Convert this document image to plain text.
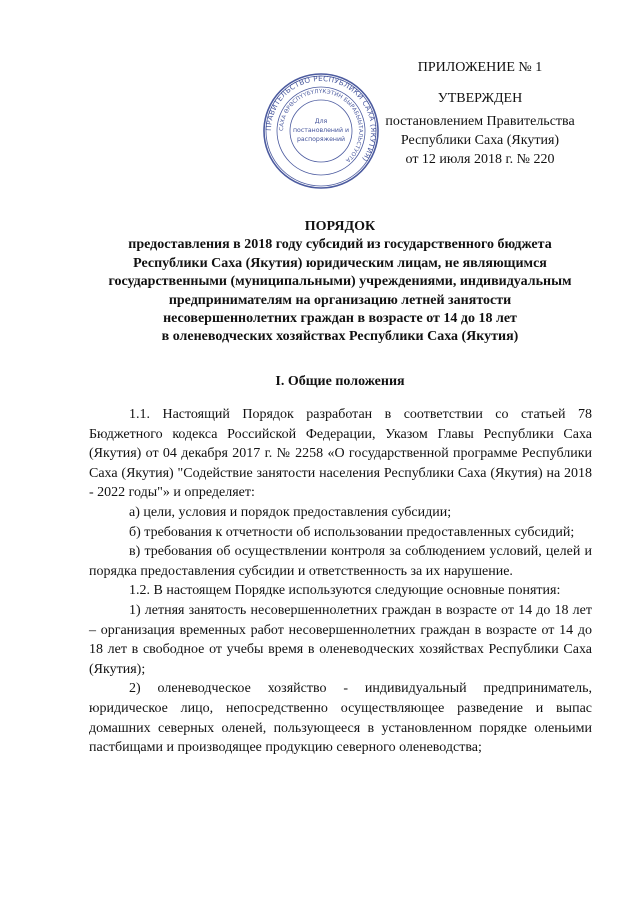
ПРИЛОЖЕНИЕ № 1
УТВЕРЖДЕН
постановлением Правительства
Республики Саха (Якутия)
от 12 июля 2018 г. № 220
ПРАВИТЕЛЬСТВО РЕСПУБЛИКИ САХА (ЯКУТИЯ)
САХА ӨРӨСПҮҮБҮЛҮКЭТИН БЫРАБЫЫТАЛЬСТУОТА
Для
постановлений и
распоряжений
ПОРЯДОК
предоставления в 2018 году субсидий из государственного бюджета
Республики Саха (Якутия) юридическим лицам, не являющимся
государственными (муниципальными) учреждениями, индивидуальным
предпринимателям на организацию летней занятости
несовершеннолетних граждан в возрасте от 14 до 18 лет
в оленеводческих хозяйствах Республики Саха (Якутия)
I. Общие положения

1.1. Настоящий Порядок разработан в соответствии со статьей 78 Бюджетного кодекса Российской Федерации, Указом Главы Республики Саха (Якутия) от 04 декабря 2017 г. № 2258 «О государственной программе Республики Саха (Якутия) "Содействие занятости населения Республики Саха (Якутия) на 2018 - 2022 годы"» и определяет:

а) цели, условия и порядок предоставления субсидии;

б) требования к отчетности об использовании предоставленных субсидий;

в) требования об осуществлении контроля за соблюдением условий, целей и порядка предоставления субсидии и ответственность за их нарушение.

1.2. В настоящем Порядке используются следующие основные понятия:

1) летняя занятость несовершеннолетних граждан в возрасте от 14 до 18 лет – организация временных работ несовершеннолетних граждан в возрасте от 14 до 18 лет в свободное от учебы время в оленеводческих хозяйствах Республики Саха (Якутия);

2) оленеводческое хозяйство - индивидуальный предприниматель, юридическое лицо, непосредственно осуществляющее разведение и выпас домашних северных оленей, пользующееся в установленном порядке оленьими пастбищами и производящее продукцию северного оленеводства;
